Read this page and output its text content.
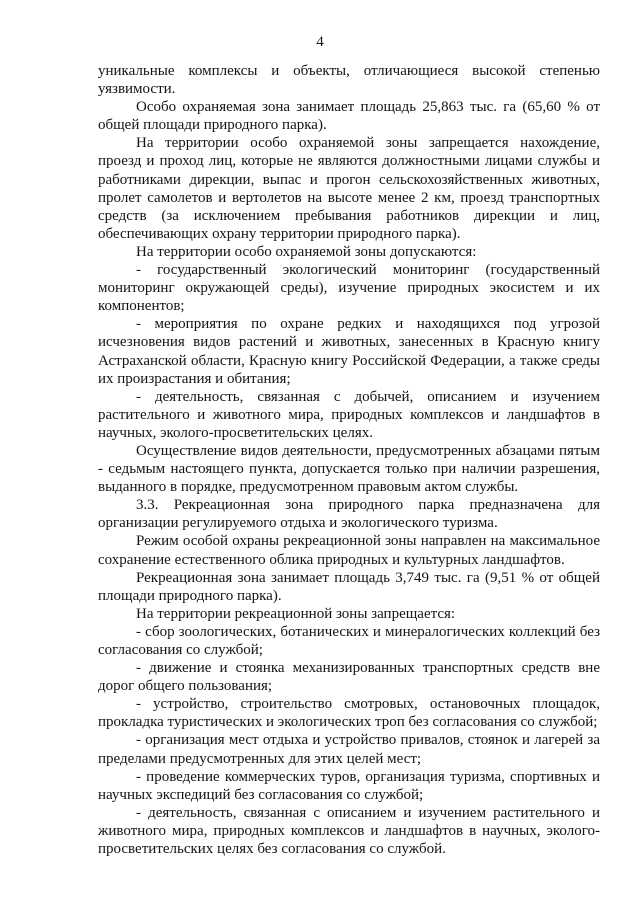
4

уникальные комплексы и объекты, отличающиеся высокой степенью уязвимости.

Особо охраняемая зона занимает площадь 25,863 тыс. га (65,60 % от общей площади природного парка).

На территории особо охраняемой зоны запрещается нахождение, проезд и проход лиц, которые не являются должностными лицами службы и работниками дирекции, выпас и прогон сельскохозяйственных животных, пролет самолетов и вертолетов на высоте менее 2 км, проезд транспортных средств (за исключением пребывания работников дирекции и лиц, обеспечивающих охрану территории природного парка).

На территории особо охраняемой зоны допускаются:

- государственный экологический мониторинг (государственный мониторинг окружающей среды), изучение природных экосистем и их компонентов;

- мероприятия по охране редких и находящихся под угрозой исчезновения видов растений и животных, занесенных в Красную книгу Астраханской области, Красную книгу Российской Федерации, а также среды их произрастания и обитания;

- деятельность, связанная с добычей, описанием и изучением растительного и животного мира, природных комплексов и ландшафтов в научных, эколого-просветительских целях.

Осуществление видов деятельности, предусмотренных абзацами пятым - седьмым настоящего пункта, допускается только при наличии разрешения, выданного в порядке, предусмотренном правовым актом службы.

3.3. Рекреационная зона природного парка предназначена для организации регулируемого отдыха и экологического туризма.

Режим особой охраны рекреационной зоны направлен на максимальное сохранение естественного облика природных и культурных ландшафтов.

Рекреационная зона занимает площадь 3,749 тыс. га (9,51 % от общей площади природного парка).

На территории рекреационной зоны запрещается:

- сбор зоологических, ботанических и минералогических коллекций без согласования со службой;

- движение и стоянка механизированных транспортных средств вне дорог общего пользования;

- устройство, строительство смотровых, остановочных площадок, прокладка туристических и экологических троп без согласования со службой;

- организация мест отдыха и устройство привалов, стоянок и лагерей за пределами предусмотренных для этих целей мест;

- проведение коммерческих туров, организация туризма, спортивных и научных экспедиций без согласования со службой;

- деятельность, связанная с описанием и изучением растительного и животного мира, природных комплексов и ландшафтов в научных, эколого-просветительских целях без согласования со службой.
